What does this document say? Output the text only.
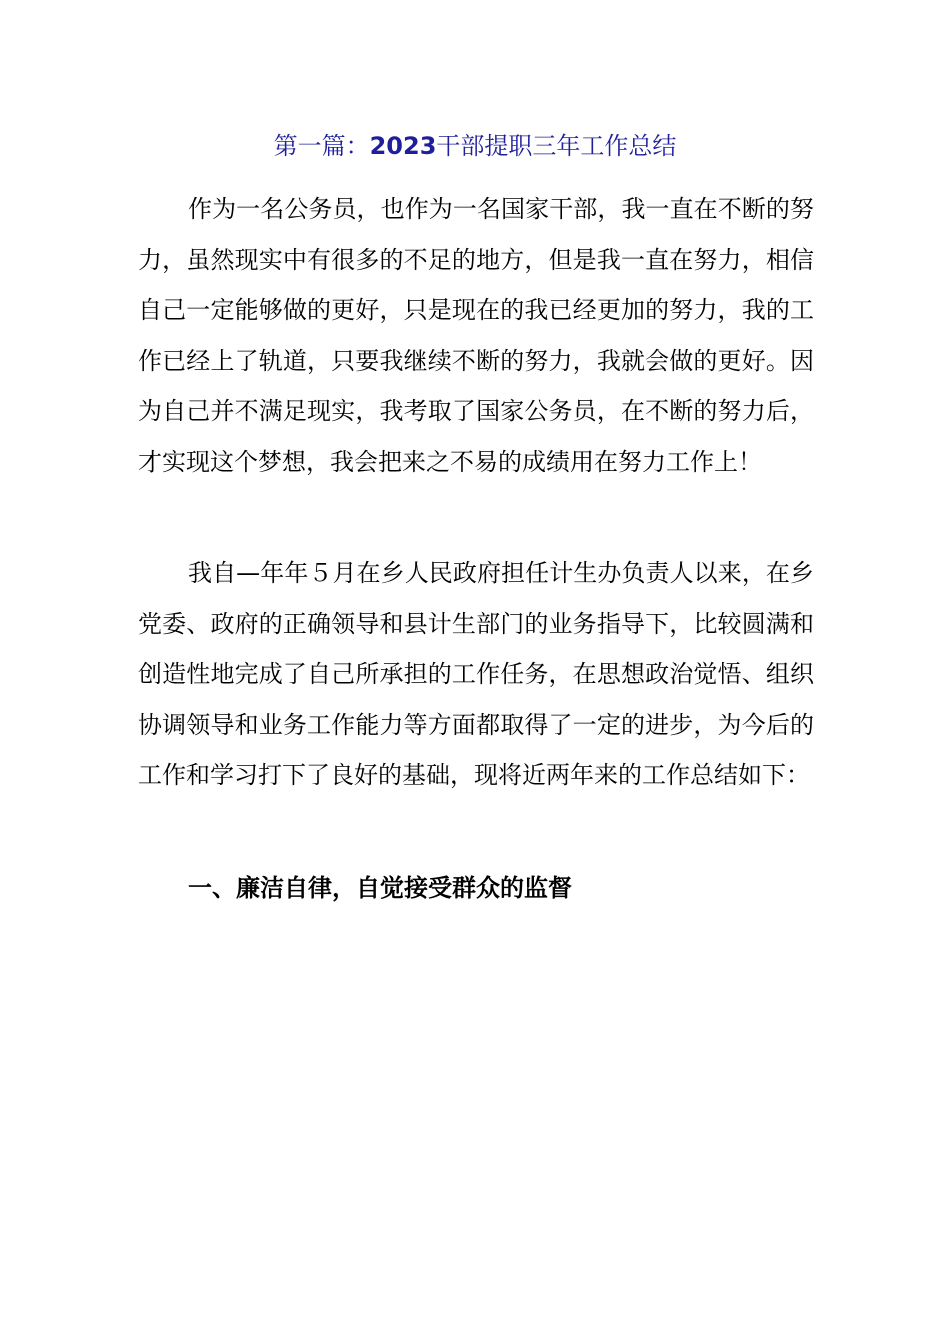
第一篇：2023干部提职三年工作总结

作为一名公务员，也作为一名国家干部，我一直在不断的努力，虽然现实中有很多的不足的地方，但是我一直在努力，相信自己一定能够做的更好，只是现在的我已经更加的努力，我的工作已经上了轨道，只要我继续不断的努力，我就会做的更好。因为自己并不满足现实，我考取了国家公务员，在不断的努力后，才实现这个梦想，我会把来之不易的成绩用在努力工作上！

我自—年年５月在乡人民政府担任计生办负责人以来，在乡党委、政府的正确领导和县计生部门的业务指导下，比较圆满和创造性地完成了自己所承担的工作任务，在思想政治觉悟、组织协调领导和业务工作能力等方面都取得了一定的进步，为今后的工作和学习打下了良好的基础，现将近两年来的工作总结如下：

一、廉洁自律，自觉接受群众的监督
